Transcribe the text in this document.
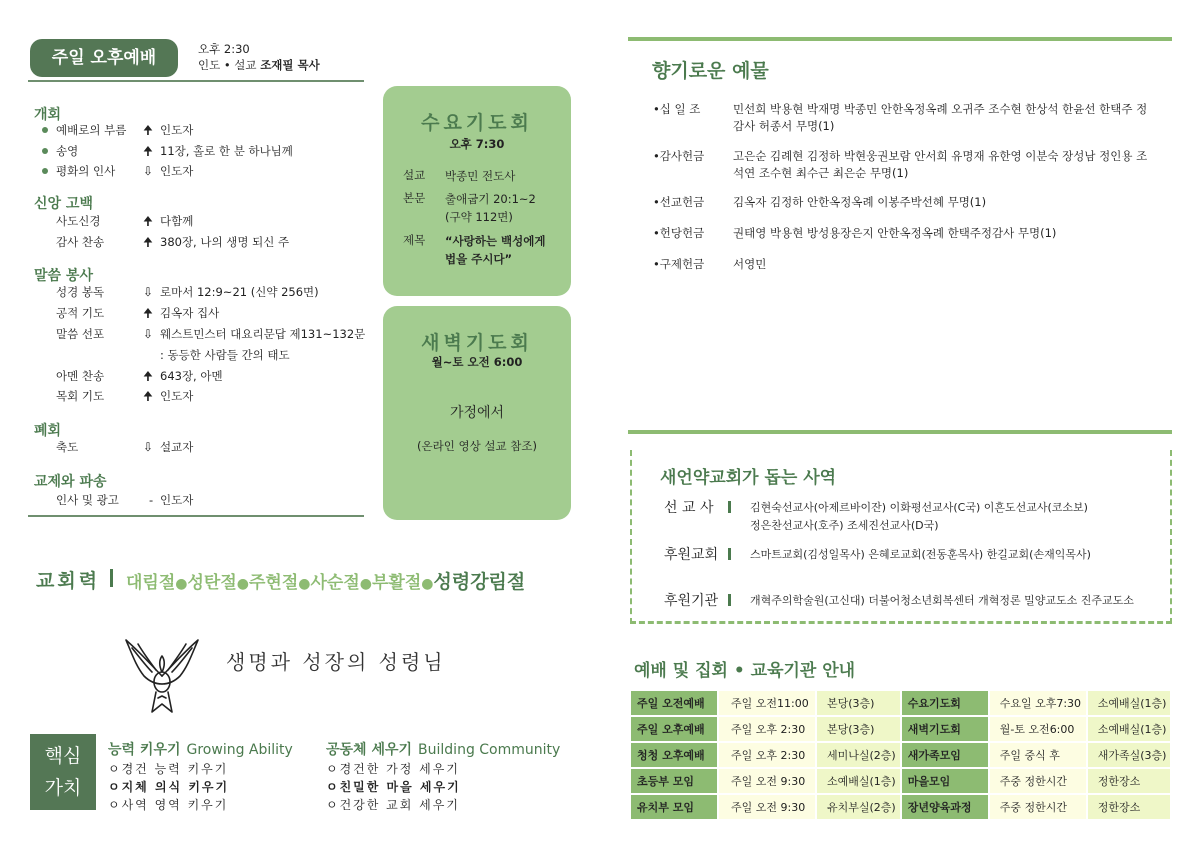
주일 오후예배	오후 2:30
인도 • 설교 조재필 목사
개회
예배로의 부름 🠉 인도자
송영	🠉 11장, 홀로 한 분 하나님께
평화의 인사 ⇩ 인도자
신앙 고백
사도신경	🠉 다함께
감사 찬송	🠉 380장, 나의 생명 되신 주
말씀 봉사
성경 봉독	⇩ 로마서 12:9~21 (신약 256면)
공적 기도	🠉 김옥자 집사
말씀 선포	⇩ 웨스트민스터 대요리문답 제131~132문
: 동등한 사람들 간의 태도
아멘 찬송	🠉 643장, 아멘
목회 기도	🠉 인도자
폐회
축도	⇩ 설교자
교제와 파송
인사 및 광고	- 인도자
수요기도회
오후 7:30
설교 박종민 전도사
본문 출애굽기 20:1~2
(구약 112면)
제목 “사랑하는 백성에게
법을 주시다”
새벽기도회
월~토 오전 6:00
가정에서
(온라인 영상 설교 참조)
교회력 대림절●성탄절●주현절●사순절●부활절●성령강림절
생명과 성장의 성령님
핵심
가치
능력 키우기 Growing Ability
ㅇ경건 능력 키우기
ㅇ지체 의식 키우기
ㅇ사역 영역 키우기
공동체 세우기 Building Community
ㅇ경건한 가정 세우기
ㅇ친밀한 마을 세우기
ㅇ건강한 교회 세우기
향기로운 예물
•십 일 조	민선희 박용현 박재명 박종민 안한옥정옥례 오귀주 조수현 한상석 한윤선 한택주 정감사 허종서 무명(1)
•감사헌금	고은순 김례현 김정하 박현웅권보람 안서희 유명재 유한영 이분숙 장성남 정인용 조석연 조수현 최수근 최은순 무명(1)
•선교헌금	김옥자 김정하 안한옥정옥례 이봉주박선혜 무명(1)
•헌당헌금	권태영 박용현 방성용장은지 안한옥정옥례 한택주정감사 무명(1)
•구제헌금	서영민
새언약교회가 돕는 사역
선 교 사	김현숙선교사(아제르바이잔) 이화평선교사(C국) 이흔도선교사(코소보)
정은찬선교사(호주) 조세진선교사(D국)
후원교회	스마트교회(김성일목사) 은혜로교회(전동훈목사) 한길교회(손재익목사)
후원기관	개혁주의학술원(고신대) 더불어청소년회복센터 개혁정론 밀양교도소 진주교도소
예배 및 집회 • 교육기관 안내
주일 오전예배	주일 오전11:00	본당(3층)	수요기도회	수요일 오후7:30	소예배실(1층)
주일 오후예배	주일 오후 2:30	본당(3층)	새벽기도회	월-토 오전6:00	소예배실(1층)
청청 오후예배	주일 오후 2:30	세미나실(2층)	새가족모임	주일 중식 후	새가족실(3층)
초등부 모임	주일 오전 9:30	소예배실(1층)	마을모임	주중 정한시간	정한장소
유치부 모임	주일 오전 9:30	유치부실(2층)	장년양육과정	주중 정한시간	정한장소
